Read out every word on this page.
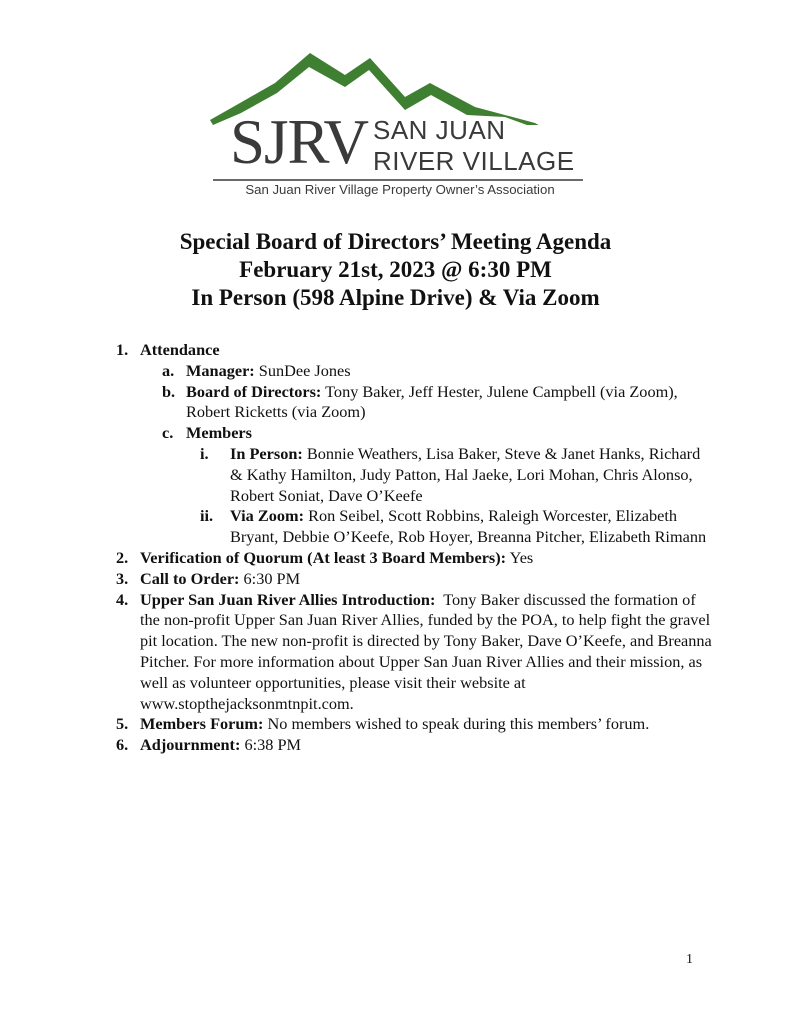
SJRV SAN JUAN
RIVER VILLAGE
San Juan River Village Property Owner’s Association
Special Board of Directors’ Meeting Agenda
February 21st, 2023 @ 6:30 PM
In Person (598 Alpine Drive) & Via Zoom
1. Attendance
a. Manager: SunDee Jones
b. Board of Directors: Tony Baker, Jeff Hester, Julene Campbell (via Zoom), Robert Ricketts (via Zoom)
c. Members
i. In Person: Bonnie Weathers, Lisa Baker, Steve & Janet Hanks, Richard & Kathy Hamilton, Judy Patton, Hal Jaeke, Lori Mohan, Chris Alonso, Robert Soniat, Dave O’Keefe
ii. Via Zoom: Ron Seibel, Scott Robbins, Raleigh Worcester, Elizabeth Bryant, Debbie O’Keefe, Rob Hoyer, Breanna Pitcher, Elizabeth Rimann
2. Verification of Quorum (At least 3 Board Members): Yes
3. Call to Order: 6:30 PM
4. Upper San Juan River Allies Introduction:  Tony Baker discussed the formation of the non-profit Upper San Juan River Allies, funded by the POA, to help fight the gravel pit location. The new non-profit is directed by Tony Baker, Dave O’Keefe, and Breanna Pitcher. For more information about Upper San Juan River Allies and their mission, as well as volunteer opportunities, please visit their website at www.stopthejacksonmtnpit.com.
5. Members Forum: No members wished to speak during this members’ forum.
6. Adjournment: 6:38 PM
1
